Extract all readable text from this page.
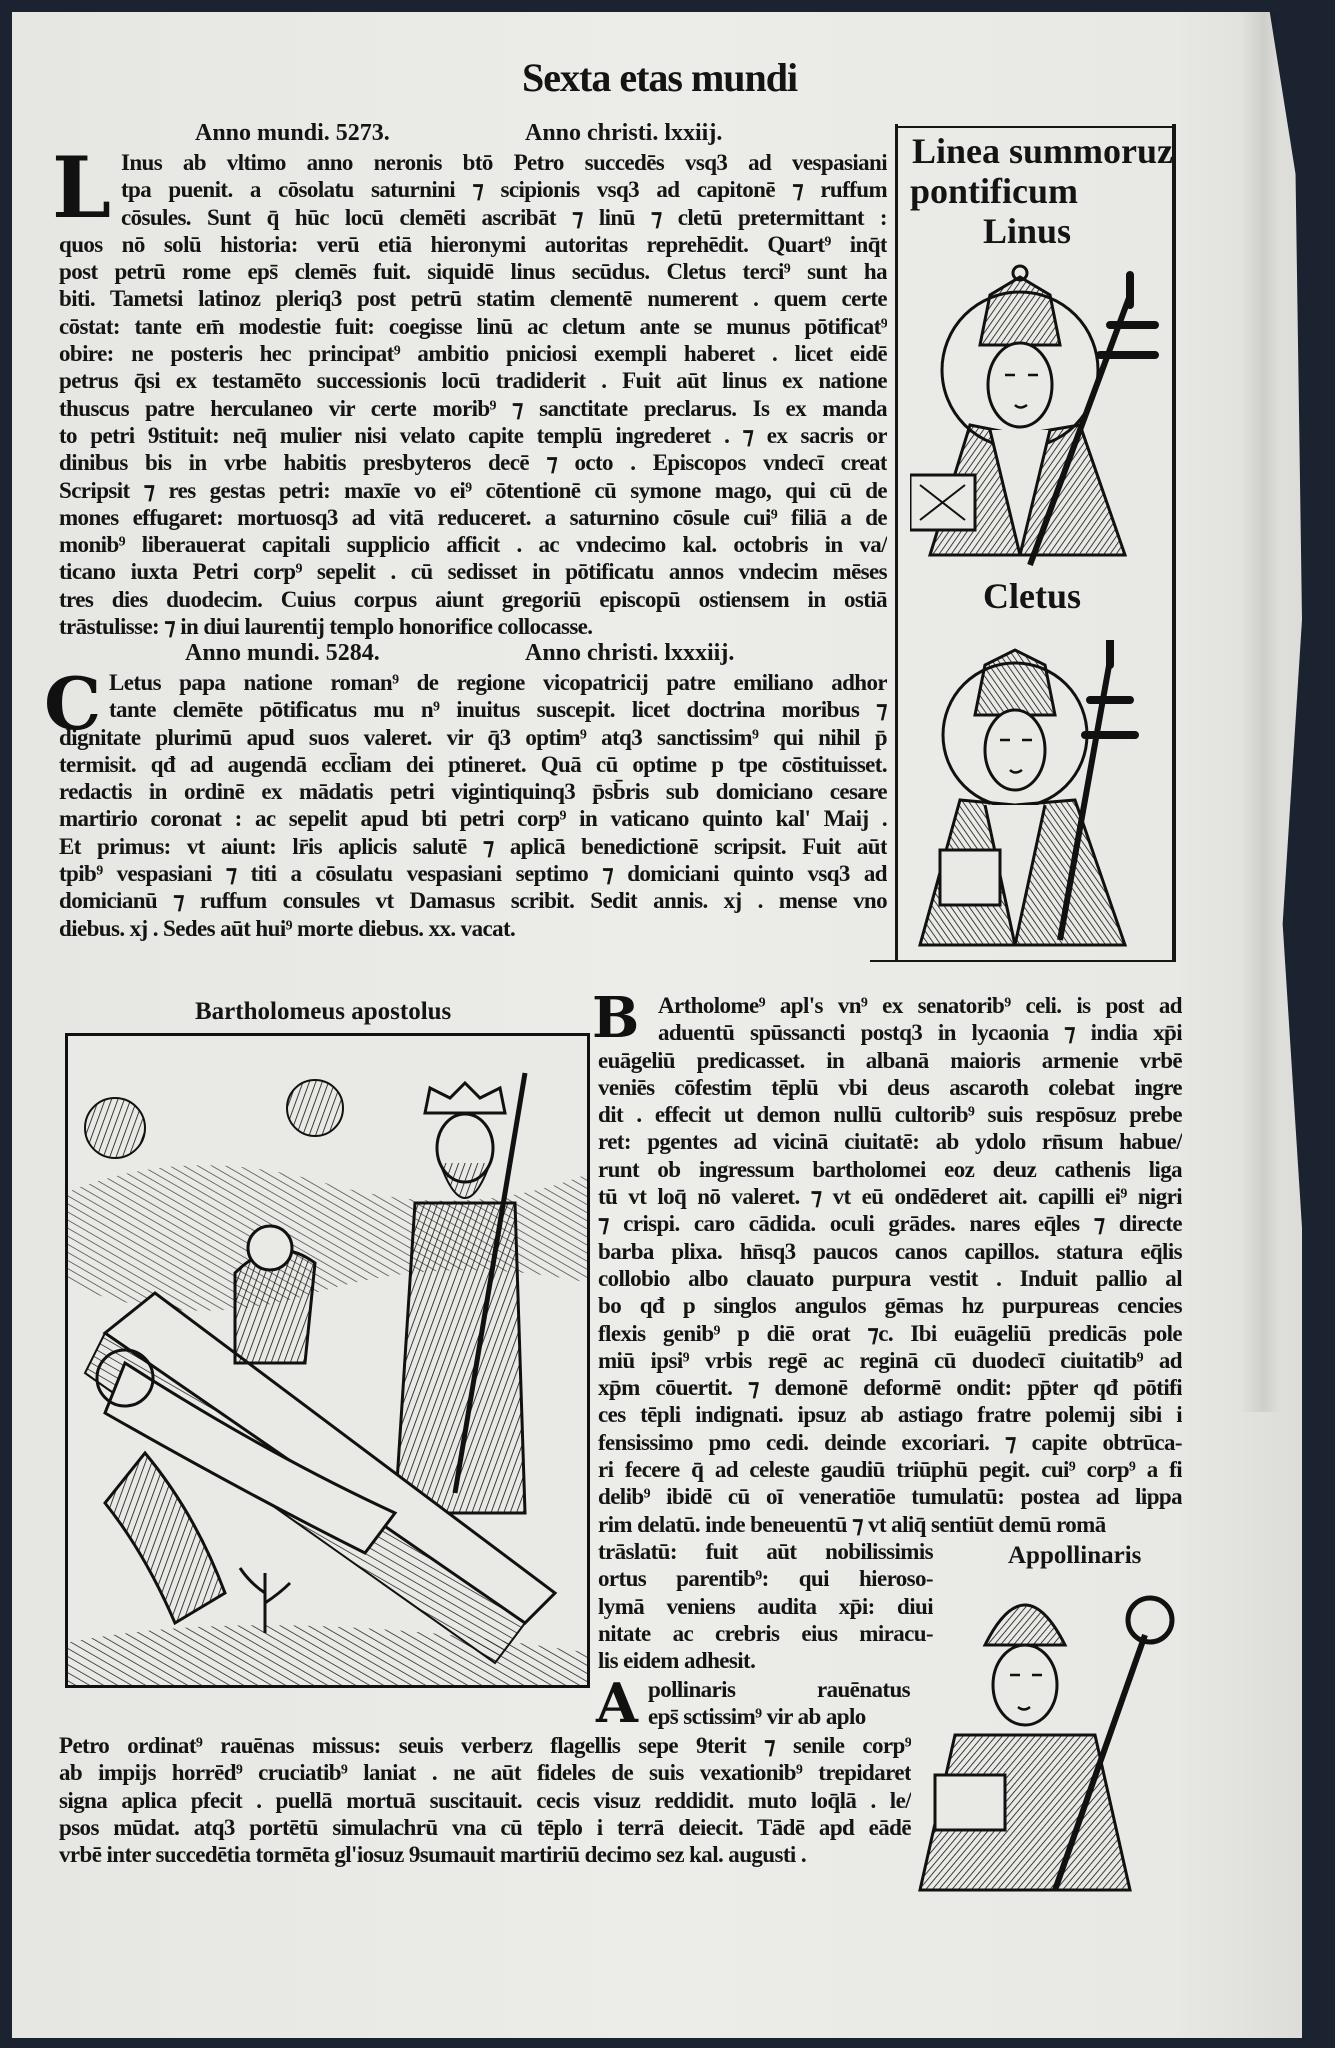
Sexta etas mundi
Anno mundi. 5273.	Anno christi. lxxiij.
L Inus ab vltimo anno neronis btō Petro succedēs vsq3 ad vespasiani
tpa puenit. a cōsolatu saturnini ⁊ scipionis vsq3 ad capitonē ⁊ ruffum
cōsules. Sunt q̄ hūc locū clemēti ascribāt ⁊ linū ⁊ cletū pretermittant :
quos nō solū historia: verū etiā hieronymi autoritas reprehēdit. Quart⁹ inq̄t
post petrū rome eps̄ clemēs fuit. siquidē linus secūdus. Cletus terci⁹ sunt ha
biti. Tametsi latinoz pleriq3 post petrū statim clementē numerent . quem certe
cōstat: tante em̄ modestie fuit: coegisse linū ac cletum ante se munus pōtificat⁹
obire: ne posteris hec principat⁹ ambitio pniciosi exempli haberet . licet eidē
petrus q̄si ex testamēto successionis locū tradiderit . Fuit aūt linus ex natione
thuscus patre herculaneo vir certe morib⁹ ⁊ sanctitate preclarus. Is ex manda
to petri 9stituit: neq̄ mulier nisi velato capite templū ingrederet . ⁊ ex sacris or
dinibus bis in vrbe habitis presbyteros decē ⁊ octo . Episcopos vndecī creat
Scripsit ⁊ res gestas petri: maxīe vo ei⁹ cōtentionē cū symone mago, qui cū de
mones effugaret: mortuosq3 ad vitā reduceret. a saturnino cōsule cui⁹ filiā a de
monib⁹ liberauerat capitali supplicio afficit . ac vndecimo kal. octobris in va/
ticano iuxta Petri corp⁹ sepelit . cū sedisset in pōtificatu annos vndecim mēses
tres dies duodecim. Cuius corpus aiunt gregoriū episcopū ostiensem in ostiā
trāstulisse: ⁊ in diui laurentij templo honorifice collocasse.
Anno mundi. 5284.	Anno christi. lxxxiij.
C Letus papa natione roman⁹ de regione vicopatricij patre emiliano adhor
tante clemēte pōtificatus mu n⁹ inuitus suscepit. licet doctrina moribus ⁊
dignitate plurimū apud suos valeret. vir q̄3 optim⁹ atq3 sanctissim⁹ qui nihil p̄
termisit. qđ ad augendā eccl̄iam dei ptineret. Quā cū optime p tpe cōstituisset.
redactis in ordinē ex mādatis petri vigintiquinq3 p̄sb̄ris sub domiciano cesare
martirio coronat : ac sepelit apud bti petri corp⁹ in vaticano quinto kal' Maij .
Et primus: vt aiunt: lr̄is aplicis salutē ⁊ aplicā benedictionē scripsit. Fuit aūt
tpib⁹ vespasiani ⁊ titi a cōsulatu vespasiani septimo ⁊ domiciani quinto vsq3 ad
domicianū ⁊ ruffum consules vt Damasus scribit. Sedit annis. xj . mense vno
diebus. xj . Sedes aūt hui⁹ morte diebus. xx. vacat.
Linea summoruz
pontificum
Linus
Cletus
Bartholomeus apostolus	B Artholome⁹ apl's vn⁹ ex senatorib⁹ celi. is post ad
aduentū spūssancti postq3 in lycaonia ⁊ india xp̄i
euāgeliū predicasset. in albanā maioris armenie vrbē
veniēs cōfestim tēplū vbi deus ascaroth colebat ingre
dit . effecit ut demon nullū cultorib⁹ suis respōsuz prebe
ret: pgentes ad vicinā ciuitatē: ab ydolo rn̄sum habue/
runt ob ingressum bartholomei eoz deuz cathenis liga
tū vt loq̄ nō valeret. ⁊ vt eū ondēderet ait. capilli ei⁹ nigri
⁊ crispi. caro cādida. oculi grādes. nares eq̄les ⁊ directe
barba plixa. hn̄sq3 paucos canos capillos. statura eq̄lis
collobio albo clauato purpura vestit . Induit pallio al
bo qđ p singlos angulos gēmas hz purpureas cencies
flexis genib⁹ p diē orat ⁊c. Ibi euāgeliū predicās pole
miū ipsi⁹ vrbis regē ac reginā cū duodecī ciuitatib⁹ ad
xp̄m cōuertit. ⁊ demonē deformē ondit: pp̄ter qđ pōtifi
ces tēpli indignati. ipsuz ab astiago fratre polemij sibi i
fensissimo pmo cedi. deinde excoriari. ⁊ capite obtrūca-
ri fecere q̄ ad celeste gaudiū triūphū pegit. cui⁹ corp⁹ a fi
delib⁹ ibidē cū oī veneratiōe tumulatū: postea ad lippa
rim delatū. inde beneuentū ⁊ vt aliq̄ sentiūt demū romā
trāslatū: fuit aūt nobilissimis
ortus parentib⁹: qui hieroso-
lymā veniens audita xp̄i: diui
nitate ac crebris eius miracu-
lis eidem adhesit.
Appollinaris
A pollinaris rauēnatus
eps̄ sctissim⁹ vir ab aplo
Petro ordinat⁹ rauēnas missus: seuis verberz flagellis sepe 9terit ⁊ senile corp⁹
ab impijs horrēd⁹ cruciatib⁹ laniat . ne aūt fideles de suis vexationib⁹ trepidaret
signa aplica pfecit . puellā mortuā suscitauit. cecis visuz reddidit. muto loq̄lā . le/
psos mūdat. atq3 portētū simulachrū vna cū tēplo i terrā deiecit. Tādē apd eādē
vrbē inter succedētia tormēta gl'iosuz 9sumauit martiriū decimo sez kal. augusti .
